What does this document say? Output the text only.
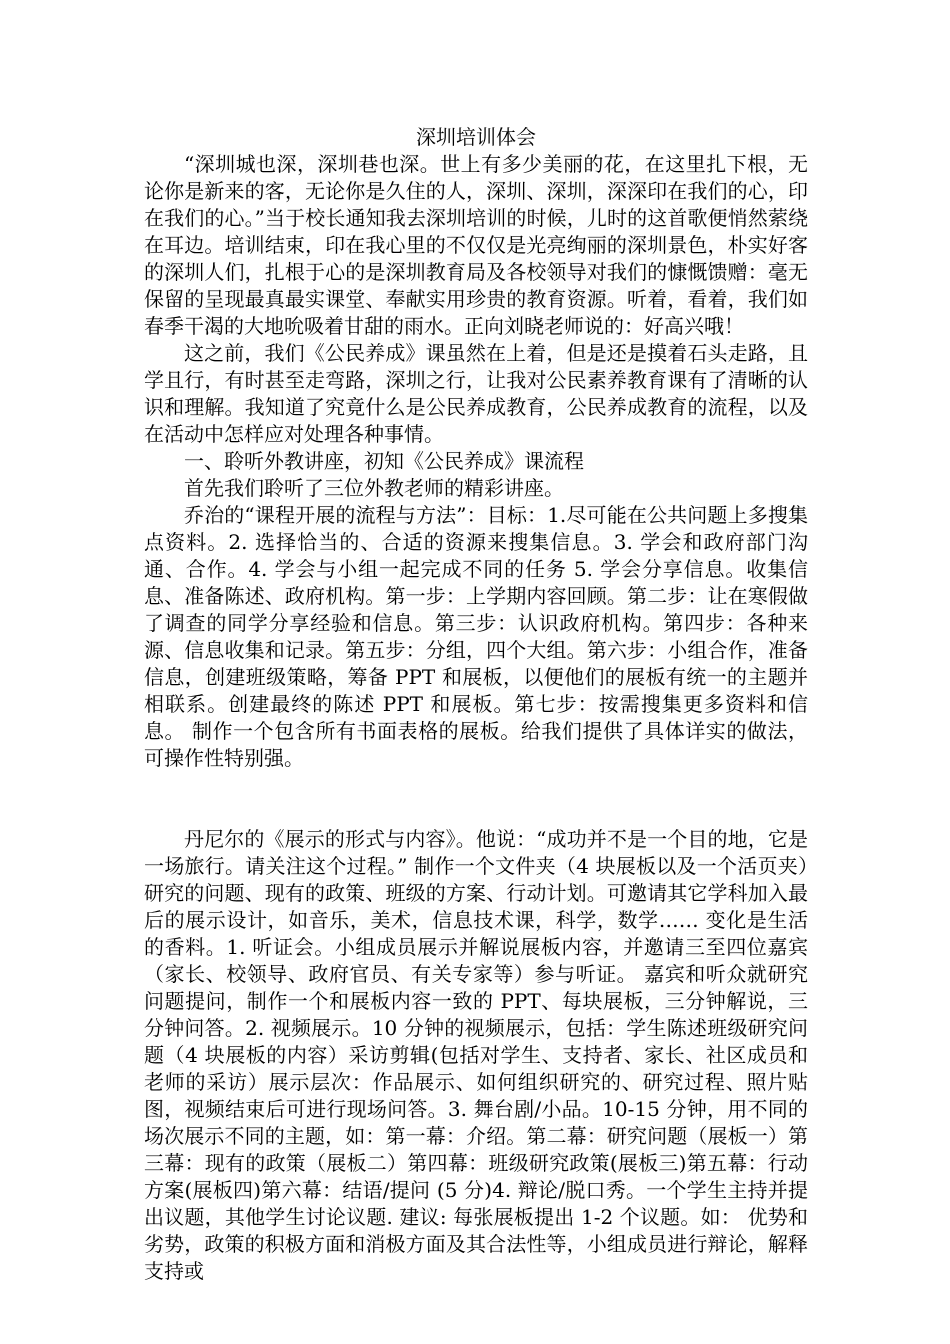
深圳培训体会

“深圳城也深，深圳巷也深。世上有多少美丽的花，在这里扎下根，无论你是新来的客，无论你是久住的人，深圳、深圳，深深印在我们的心，印在我们的心。”当于校长通知我去深圳培训的时候，儿时的这首歌便悄然萦绕在耳边。培训结束，印在我心里的不仅仅是光亮绚丽的深圳景色，朴实好客的深圳人们，扎根于心的是深圳教育局及各校领导对我们的慷慨馈赠：毫无保留的呈现最真最实课堂、奉献实用珍贵的教育资源。听着，看着，我们如春季干渴的大地吮吸着甘甜的雨水。正向刘晓老师说的：好高兴哦！

这之前，我们《公民养成》课虽然在上着，但是还是摸着石头走路，且学且行，有时甚至走弯路，深圳之行，让我对公民素养教育课有了清晰的认识和理解。我知道了究竟什么是公民养成教育，公民养成教育的流程，以及在活动中怎样应对处理各种事情。

一、聆听外教讲座，初知《公民养成》课流程

首先我们聆听了三位外教老师的精彩讲座。

乔治的“课程开展的流程与方法”：目标：1.尽可能在公共问题上多搜集点资料。2. 选择恰当的、合适的资源来搜集信息。3. 学会和政府部门沟通、合作。4. 学会与小组一起完成不同的任务 5. 学会分享信息。收集信息、准备陈述、政府机构。第一步：上学期内容回顾。第二步：让在寒假做了调查的同学分享经验和信息。第三步：认识政府机构。第四步：各种来源、信息收集和记录。第五步：分组，四个大组。第六步：小组合作，准备信息，创建班级策略，筹备 PPT 和展板，以便他们的展板有统一的主题并相联系。创建最终的陈述 PPT 和展板。第七步：按需搜集更多资料和信息。 制作一个包含所有书面表格的展板。给我们提供了具体详实的做法，可操作性特别强。

丹尼尔的《展示的形式与内容》。他说：“成功并不是一个目的地，它是一场旅行。请关注这个过程。” 制作一个文件夹（4 块展板以及一个活页夹）研究的问题、现有的政策、班级的方案、行动计划。可邀请其它学科加入最后的展示设计，如音乐，美术，信息技术课，科学，数学…… 变化是生活的香料。1. 听证会。小组成员展示并解说展板内容，并邀请三至四位嘉宾（家长、校领导、政府官员、有关专家等）参与听证。 嘉宾和听众就研究问题提问，制作一个和展板内容一致的 PPT、每块展板，三分钟解说，三分钟问答。2. 视频展示。10 分钟的视频展示，包括：学生陈述班级研究问题（4 块展板的内容）采访剪辑(包括对学生、支持者、家长、社区成员和老师的采访）展示层次：作品展示、如何组织研究的、研究过程、照片贴图，视频结束后可进行现场问答。3. 舞台剧/小品。10-15 分钟，用不同的场次展示不同的主题，如：第一幕：介绍。第二幕：研究问题（展板一）第三幕：现有的政策（展板二）第四幕：班级研究政策(展板三)第五幕：行动方案(展板四)第六幕：结语/提问 (5 分)4. 辩论/脱口秀。一个学生主持并提出议题，其他学生讨论议题. 建议: 每张展板提出 1-2 个议题。如： 优势和劣势，政策的积极方面和消极方面及其合法性等，小组成员进行辩论，解释支持或
